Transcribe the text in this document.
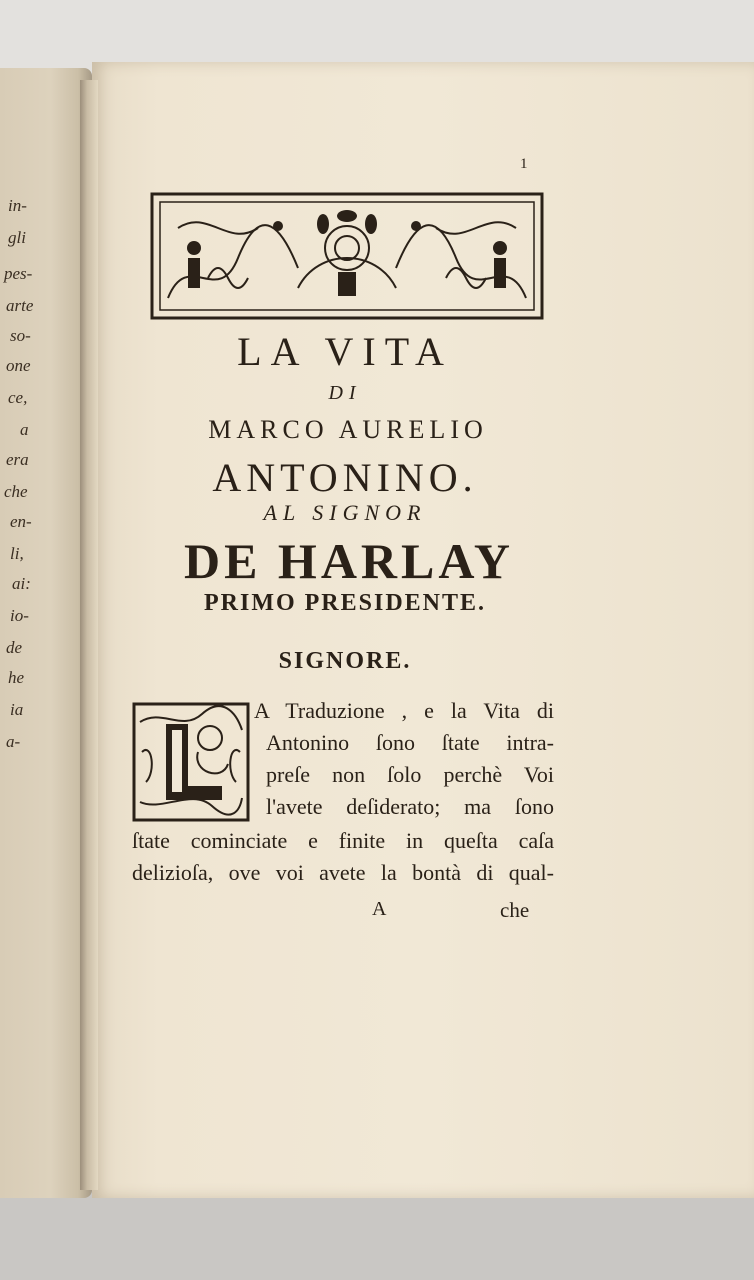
in-
gli
pes-
arte
so-
one
ce,
a
era
che
en-
li,
ai:
io-
de
he
ia
a-
1
LA VITA
DI
MARCO AURELIO
ANTONINO.
AL SIGNOR
DE HARLAY
PRIMO PRESIDENTE.
SIGNORE.
A Traduzione , e la Vita di
Antonino ſono ſtate intra-
preſe non ſolo perchè Voi
l'avete deſiderato; ma ſono
ſtate cominciate e finite in queſta caſa
delizioſa, ove voi avete la bontà di qual-
A	che
